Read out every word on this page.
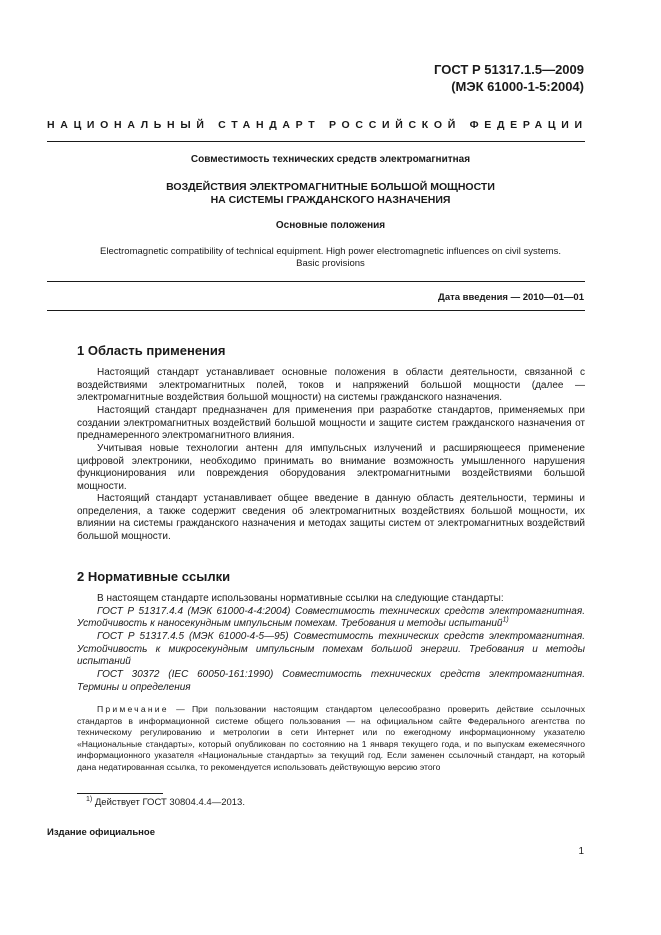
ГОСТ Р 51317.1.5—2009
(МЭК 61000-1-5:2004)
НАЦИОНАЛЬНЫЙ СТАНДАРТ РОССИЙСКОЙ ФЕДЕРАЦИИ
Совместимость технических средств электромагнитная
ВОЗДЕЙСТВИЯ ЭЛЕКТРОМАГНИТНЫЕ БОЛЬШОЙ МОЩНОСТИ
НА СИСТЕМЫ ГРАЖДАНСКОГО НАЗНАЧЕНИЯ
Основные положения
Electromagnetic compatibility of technical equipment. High power electromagnetic influences on civil systems.
Basic provisions
Дата введения — 2010—01—01
1 Область применения

Настоящий стандарт устанавливает основные положения в области деятельности, связанной с воздействиями электромагнитных полей, токов и напряжений большой мощности (далее — электромагнитные воздействия большой мощности) на системы гражданского назначения.

Настоящий стандарт предназначен для применения при разработке стандартов, применяемых при создании электромагнитных воздействий большой мощности и защите систем гражданского назначения от преднамеренного электромагнитного влияния.

Учитывая новые технологии антенн для импульсных излучений и расширяющееся применение цифровой электроники, необходимо принимать во внимание возможность умышленного нарушения функционирования или повреждения оборудования электромагнитными воздействиями большой мощности.

Настоящий стандарт устанавливает общее введение в данную область деятельности, термины и определения, а также содержит сведения об электромагнитных воздействиях большой мощности, их влиянии на системы гражданского назначения и методах защиты систем от электромагнитных воздействий большой мощности.

2 Нормативные ссылки

В настоящем стандарте использованы нормативные ссылки на следующие стандарты:

ГОСТ Р 51317.4.4 (МЭК 61000-4-4:2004) Совместимость технических средств электромагнитная. Устойчивость к наносекундным импульсным помехам. Требования и методы испытаний$^{1)}$

ГОСТ Р 51317.4.5 (МЭК 61000-4-5—95) Совместимость технических средств электромагнитная. Устойчивость к микросекундным импульсным помехам большой энергии. Требования и методы испытаний

ГОСТ 30372 (IEC 60050-161:1990) Совместимость технических средств электромагнитная. Термины и определения

Примечание — При пользовании настоящим стандартом целесообразно проверить действие ссылочных стандартов в информационной системе общего пользования — на официальном сайте Федерального агентства по техническому регулированию и метрологии в сети Интернет или по ежегодному информационному указателю «Национальные стандарты», который опубликован по состоянию на 1 января текущего года, и по выпускам ежемесячного информационного указателя «Национальные стандарты» за текущий год. Если заменен ссылочный стандарт, на который дана недатированная ссылка, то рекомендуется использовать действующую версию этого

$^{1)}$ Действует ГОСТ 30804.4.4—2013.
Издание официальное
1
